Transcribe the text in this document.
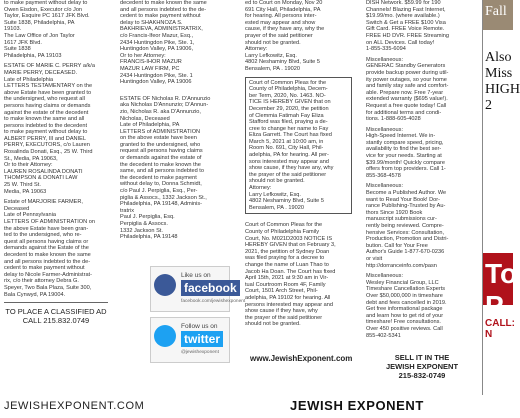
to make payment without delay to
Owen Eisdon, Executor c/o Jon
Taylor, Esquire PC 1617 JFK Blvd.
Suite 1838, Philadelphia, PA
19103.
The Law Office of Jon Taylor
1617 JFK Blvd.
Suite 1838
Philadelphia, PA 19103

ESTATE OF MARIE C. PERRY a/k/a
MARIE PERRY, DECEASED.
Late of Philadelphia
LETTERS TESTAMENTARY on the
above Estate have been granted to
the undersigned, who request all
persons having claims or demands
against the estate of the decedent
to make known the same and all
persons indebted to the decedent
to make payment without delay to
ALBERT PERRY, III and DANIEL
PERRY, EXECUTORS, c/o Lauren
Rosalinda Donati, Esq., 25 W. Third
St., Media, PA 19063,
Or to their Attorney:
LAUREN ROSALINDA DONATI
THOMPSON & DONATI LAW
25 W. Third St.
Media, PA 19063

Estate of MARJORIE FARMER,
Deceased
Late of Pennsylvania
LETTERS OF ADMINISTRATION on
the above Estate have been gran-
ted to the undersigned, who re-
quest all persons having claims or
demands against the Estate of the
decedent to make known the same
and all persons indebted to the de-
cedent to make payment without
delay to Nicole Farmer-Administrat-
rix, c/o their attorney Debra G.
Speyer, Two Bala Plaza, Suite 300,
Bala Cynwyd, PA 19004.

TO PLACE A CLASSIFIED AD
CALL 215.832.0749

decedent to make known the same
and all persons indebted to the de-
cedent to make payment without
delay to SHAKHNOZA S.
BAKHRIEVA, ADMINISTRATRIX,
c/o Francis-Ifeor Mazur, Esq.,
2434 Huntingdon Pike, Ste. 1,
Huntingdon Valley, PA 19006,
Or to her Attorney:
FRANCIS-IHOR MAZUR
MAZUR LAW FIRM, PC
2434 Huntingdon Pike, Ste. 1
Huntingdon Valley, PA 19006

ESTATE OF Nicholas R. D'Annunzio
aka Nicholas D'Annunzio; D'Annun-
zio, Nicholas R. aka D'Annunzio,
Nicholas, Deceased
Late of Philadelphia, PA
LETTERS of ADMINISTRATION
on the above estate have been
granted to the undersigned, who
request all persons having claims
or demands against the estate of
the decedent to make known the
same, and all persons indebted to
the decedent to make payment
without delay to, Donna Schmidt,
c/o Paul J. Perpiglia, Esq., Per-
piglia & Assocs., 1332 Jackson St.,
Philadelphia, PA 19148, Adminis-
tratrix
Paul J. Perpiglia, Esq.
Perpiglia & Assocs.
1332 Jackson St.
Philadelphia, PA 19148

Like us on
facebook
facebook.com/jewishexponent
Follow us on
twitter
@jewishexponent

ed to Court on Monday, Nov 20
691 City Hall, Philadelphia, PA
for hearing. All persons inter-
ested may appear and show
cause, if they have any, why the
prayer of the said petitioner
should not be granted.
Attorney:
Larry Lefkowitz, Esq.
4802 Neshaminy Blvd, Suite 5
Bensalem, PA . 19020

Court of Common Pleas for the
County of Philadelphia, Decem-
ber Term, 2020, No. 1463. NO-
TICE IS HEREBY GIVEN that on
December 29, 2020, the petition
of Clemmia Fatimah Fay Eliza
Stafford was filed, praying a de-
cree to change her name to Fay
Eliza Garrett. The Court has fixed
March 5, 2021 at 10:00 am, in
Room No. 691, City Hall, Phil-
adelphia, PA for hearing. All per-
sons interested may appear and
show cause, if they have any, why
the prayer of the said petitioner
should not be granted.
Attorney:
Larry Lefkowitz, Esq.
4802 Neshaminy Blvd, Suite 5
Bensalem, PA . 19020

Court of Common Pleas for the
County of Philadelphia Family
Court, No. M021D2003 NOTICE IS
HEREBY GIVEN that on February 3,
2021, the petition of Sydney Doan
was filed praying for a decree to
change the name of Luan Thao to
Jacob Ha Doan. The Court has fixed
April 15th, 2021 at 9:30 am in Vir-
tual Courtroom Room 4F, Family
Court, 1501 Arch Street, Phil-
adelphia, PA 19102 for hearing. All
persons interested may appear and
show cause if they have, why
the prayer of the said petitioner
should not be granted.

www.JewishExponent.com

DISH Network. $59.99 for 190
Channels! Blazing Fast Internet,
$19.99/mo. (where available.)
Switch & Get a FREE $100 Visa
Gift Card. FREE Voice Remote.
FREE HD DVR. FREE Streaming
on ALL Devices. Call today!
1-855-335-6094

Miscellaneous:
GENERAC Standby Generators
provide backup power during util-
ity power outages, so your home
and family stay safe and comfort-
able. Prepare now. Free 7-year
extended warranty ($695 value!).
Request a free quote today! Call
for additional terms and condi-
tions. 1-888-605-4028

Miscellaneous:
High-Speed Internet. We in-
stantly compare speed, pricing,
availability to find the best ser-
vice for your needs. Starting at
$39.99/month! Quickly compare
offers from top providers. Call 1-
855-368-4578

Miscellaneous:
Become a Published Author. We
want to Read Your Book! Dor-
rance Publishing-Trusted by Au-
thors Since 1920 Book
manuscript submissions cur-
rently being reviewed. Compre-
hensive Services: Consultation,
Production, Promotion and Distri-
bution. Call for Your Free
Author's Guide 1-877-670-0236
or visit
http://dorranceinfo.com/pasn

Miscellaneous:
Wesley Financial Group, LLC
Timeshare Cancellation Experts
Over $50,000,000 in timeshare
debt and fees cancelled in 2019.
Get free informational package
and learn how to get rid of your
timeshare! Free consultations.
Over 450 positive reviews. Call
855-402-5341

SELL IT IN THE
JEWISH EXPONENT
215-832-0749
Fall
Also
Miss
HIGH
2
To P
CALL: N
JEWISHEXPONENT.COM	JEWISH EXPONENT
